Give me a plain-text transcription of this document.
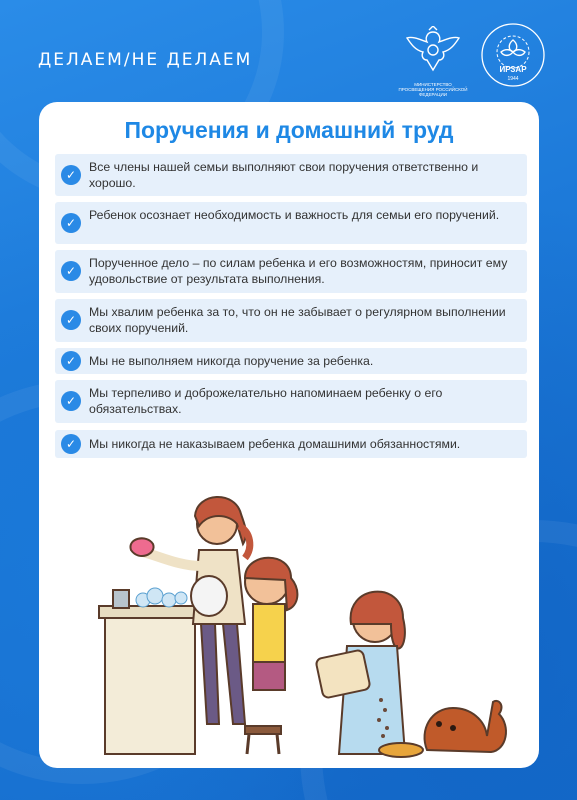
ДЕЛАЕМ/НЕ ДЕЛАЕМ
МИНИСТЕРСТВО ПРОСВЕЩЕНИЯ РОССИЙСКОЙ ФЕДЕРАЦИИ
ИРЗАР
1944
Поручения и домашний труд
✓
Все члены нашей семьи выполняют свои поручения ответственно и хорошо.
✓
Ребенок осознает необходимость и важность для семьи его поручений.
✓
Порученное дело – по силам ребенка и его возможностям, приносит ему удовольствие от результата выполнения.
✓
Мы хвалим ребенка за то, что он не забывает о регулярном выполнении своих поручений.
✓	Мы не выполняем никогда поручение за ребенка.
✓
Мы терпеливо и доброжелательно напоминаем ребенку о его обязательствах.
✓	Мы никогда не наказываем ребенка домашними обязанностями.
